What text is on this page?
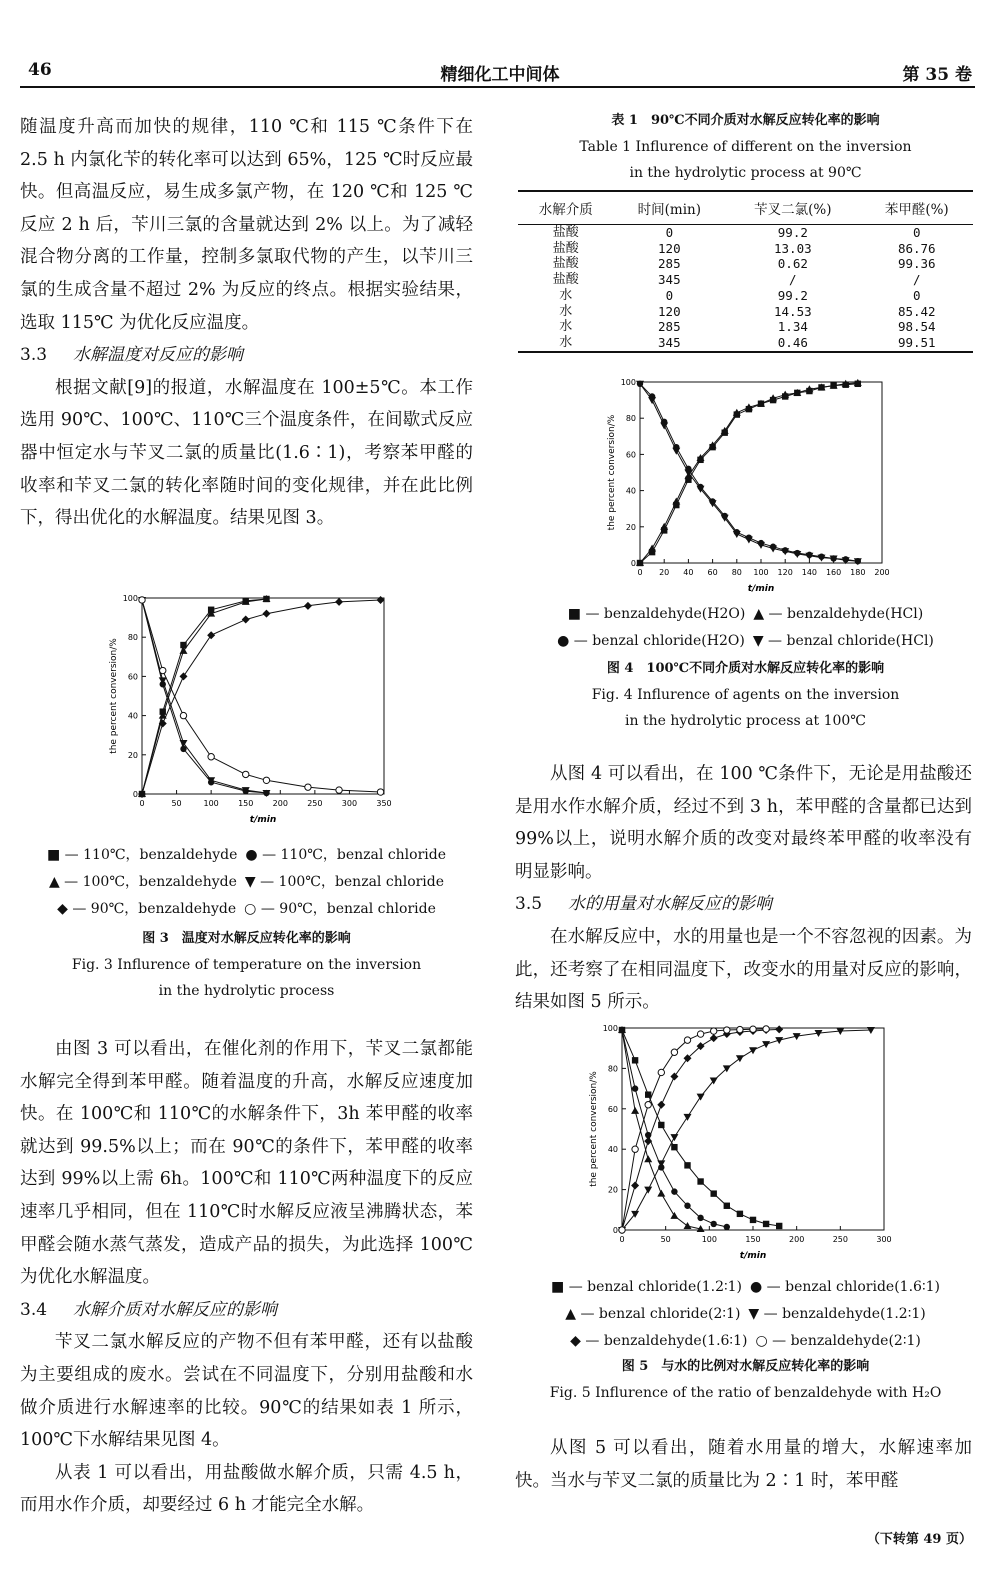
46	精细化工中间体	第 35 卷

随温度升高而加快的规律，110 ℃和 115 ℃条件下在 2.5 h 内氯化苄的转化率可以达到 65%，125 ℃时反应最快。但高温反应，易生成多氯产物，在 120 ℃和 125 ℃反应 2 h 后，苄川三氯的含量就达到 2% 以上。为了减轻混合物分离的工作量，控制多氯取代物的产生，以苄川三氯的生成含量不超过 2% 为反应的终点。根据实验结果，选取 115℃ 为优化反应温度。

3.3 水解温度对反应的影响

根据文献[9]的报道，水解温度在 100±5℃。本工作选用 90℃、100℃、110℃三个温度条件，在间歇式反应器中恒定水与苄叉二氯的质量比(1.6∶1)，考察苯甲醛的收率和苄叉二氯的转化率随时间的变化规律，并在此比例下，得出优化的水解温度。结果见图 3。

0	50	100 150 200 250 300 350
0
20
40
60
80
100
t/min
the percent conversion/%
■ — 110℃，benzaldehyde ● — 110℃，benzal chloride
▲ — 100℃，benzaldehyde ▼ — 100℃，benzal chloride
◆ — 90℃，benzaldehyde ○ — 90℃，benzal chloride
图 3　温度对水解反应转化率的影响
Fig. 3 Influrence of temperature on the inversion
in the hydrolytic process

由图 3 可以看出，在催化剂的作用下，苄叉二氯都能水解完全得到苯甲醛。随着温度的升高，水解反应速度加快。在 100℃和 110℃的水解条件下，3h 苯甲醛的收率就达到 99.5%以上；而在 90℃的条件下，苯甲醛的收率达到 99%以上需 6h。100℃和 110℃两种温度下的反应速率几乎相同，但在 110℃时水解反应液呈沸腾状态，苯甲醛会随水蒸气蒸发，造成产品的损失，为此选择 100℃为优化水解温度。

3.4 水解介质对水解反应的影响

苄叉二氯水解反应的产物不但有苯甲醛，还有以盐酸为主要组成的废水。尝试在不同温度下，分别用盐酸和水做介质进行水解速率的比较。90℃的结果如表 1 所示，100℃下水解结果见图 4。

从表 1 可以看出，用盐酸做水解介质，只需 4.5 h，而用水作介质，却要经过 6 h 才能完全水解。

表 1　90℃不同介质对水解反应转化率的影响
Table 1 Influrence of different on the inversion
in the hydrolytic process at 90℃
水解介质	时间(min)	苄叉二氯(%)	苯甲醛(%)
盐酸	0	99.2	0
盐酸	120	13.03	86.76
盐酸	285	0.62	99.36
盐酸	345	/	/
水	0	99.2	0
水	120	14.53	85.42
水	285	1.34	98.54
水	345	0.46	99.51
0 20 40 60 80 100 120 140 160 180 200
0
20
40
60
80
100
t/min
the percent conversion/%
■ — benzaldehyde(H2O) ▲ — benzaldehyde(HCl)
● — benzal chloride(H2O) ▼ — benzal chloride(HCl)
图 4　100℃不同介质对水解反应转化率的影响
Fig. 4 Influrence of agents on the inversion
in the hydrolytic process at 100℃

从图 4 可以看出，在 100 ℃条件下，无论是用盐酸还是用水作水解介质，经过不到 3 h，苯甲醛的含量都已达到 99%以上，说明水解介质的改变对最终苯甲醛的收率没有明显影响。

3.5 水的用量对水解反应的影响

在水解反应中，水的用量也是一个不容忽视的因素。为此，还考察了在相同温度下，改变水的用量对反应的影响，结果如图 5 所示。

0	50	100	150	200	250	300
0
20
40
60
80
100
t/min
the percent conversion/%
■ — benzal chloride(1.2∶1) ● — benzal chloride(1.6∶1)
▲ — benzal chloride(2∶1) ▼ — benzaldehyde(1.2∶1)
◆ — benzaldehyde(1.6∶1) ○ — benzaldehyde(2∶1)
图 5　与水的比例对水解反应转化率的影响
Fig. 5 Influrence of the ratio of benzaldehyde with H₂O

从图 5 可以看出，随着水用量的增大，水解速率加快。当水与苄叉二氯的质量比为 2∶1 时，苯甲醛

（下转第 49 页）
